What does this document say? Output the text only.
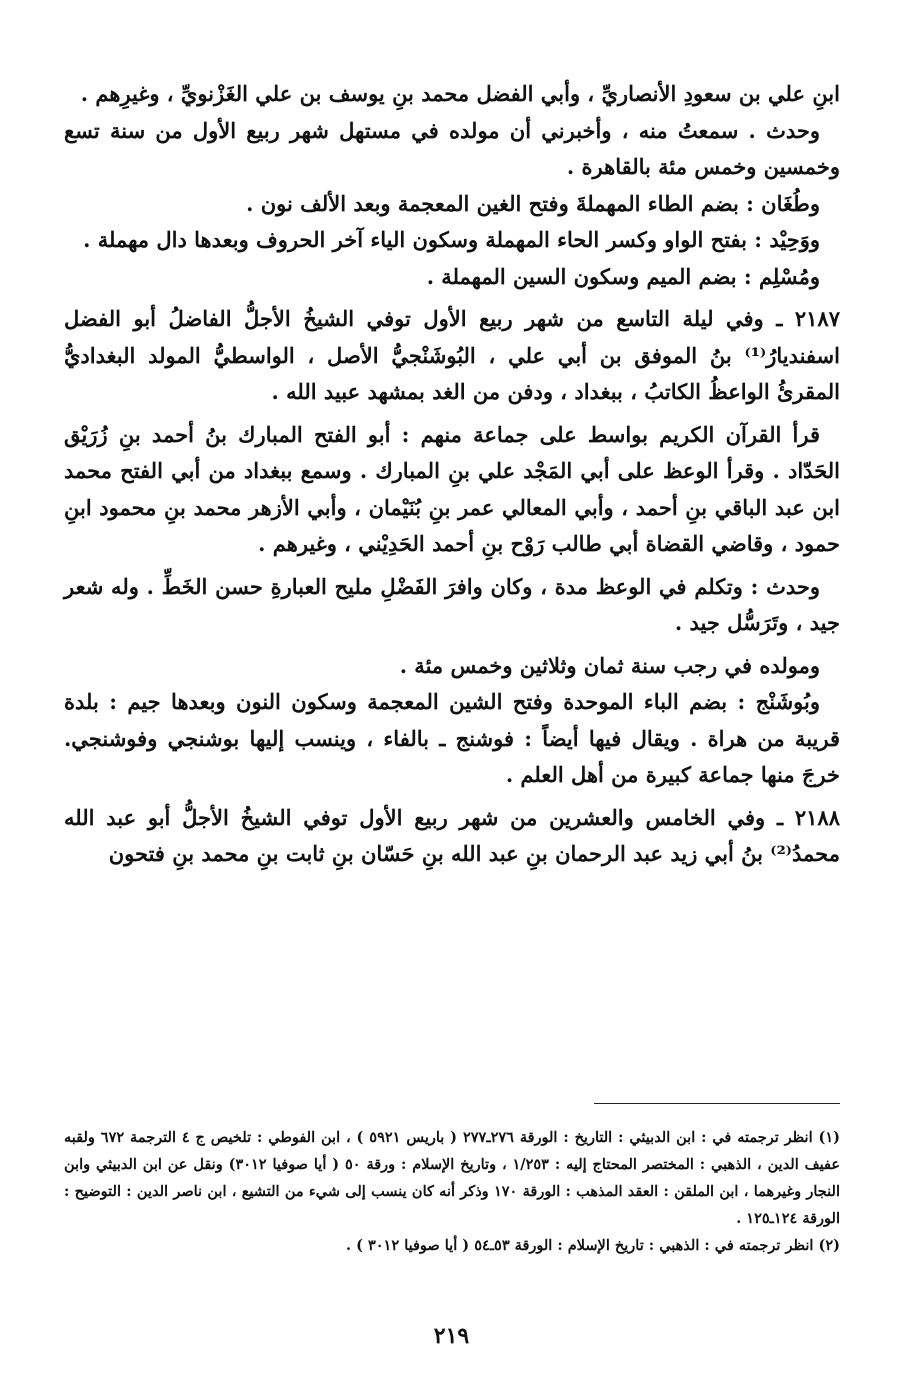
ابنِ علي بن سعودِ الأنصاريِّ ، وأبي الفضل محمد بنِ يوسف بن علي الغَزْنويِّ ، وغيرِهم .

وحدث . سمعتُ منه ، وأخبرني أن مولده في مستهل شهر ربيع الأول من سنة تسع وخمسين وخمس مئة بالقاهرة .

وطُغَان : بضم الطاء المهملةَ وفتح الغين المعجمة وبعد الألف نون .

ووَحِيْد : بفتح الواو وكسر الحاء المهملة وسكون الياء آخر الحروف وبعدها دال مهملة .

ومُسْلِم : بضم الميم وسكون السين المهملة .

٢١٨٧ ـ وفي ليلة التاسع من شهر ربيع الأول توفي الشيخُ الأجلُّ الفاضلُ أبو الفضل اسفنديارُ⁽¹⁾ بنُ الموفق بن أبي علي ، البُوشَنْجيُّ الأصل ، الواسطيُّ المولد البغداديُّ المقرئُ الواعظُ الكاتبُ ، ببغداد ، ودفن من الغد بمشهد عبيد الله .

قرأ القرآن الكريم بواسط على جماعة منهم : أبو الفتح المبارك بنُ أحمد بنِ زُرَيْق الحَدّاد . وقرأ الوعظ على أبي المَجْد علي بنِ المبارك . وسمع ببغداد من أبي الفتح محمد ابن عبد الباقي بنِ أحمد ، وأبي المعالي عمر بنِ بُنَيْمان ، وأبي الأزهر محمد بنِ محمود ابنِ حمود ، وقاضي القضاة أبي طالب رَوْح بنِ أحمد الحَدِيْني ، وغيرهم .

وحدث : وتكلم في الوعظ مدة ، وكان وافرَ الفَضْلِ مليح العبارةِ حسن الخَطِّ . وله شعر جيد ، وتَرَسُّل جيد .

ومولده في رجب سنة ثمان وثلاثين وخمس مئة .

وبُوشَنْج : بضم الباء الموحدة وفتح الشين المعجمة وسكون النون وبعدها جيم : بلدة قريبة من هراة . ويقال فيها أيضاً : فوشنج ـ بالفاء ، وينسب إليها بوشنجي وفوشنجي. خرجَ منها جماعة كبيرة من أهل العلم .

٢١٨٨ ـ وفي الخامس والعشرين من شهر ربيع الأول توفي الشيخُ الأجلُّ أبو عبد الله محمدُ⁽²⁾ بنُ أبي زيد عبد الرحمان بنِ عبد الله بنِ حَسّان بنِ ثابت بنِ محمد بنِ فتحون

(١) انظر ترجمته في : ابن الدبيثي : التاريخ : الورقة ٢٧٦ـ٢٧٧ ( باريس ٥٩٢١ ) ، ابن الفوطي : تلخيص ج ٤ الترجمة ٦٧٢ ولقبه عفيف الدين ، الذهبي : المختصر المحتاج إليه : ١/٢٥٣ ، وتاريخ الإسلام : ورقة ٥٠ ( أيا صوفيا ٣٠١٢) ونقل عن ابن الدبيثي وابن النجار وغيرهما ، ابن الملقن : العقد المذهب : الورقة ١٧٠ وذكر أنه كان ينسب إلى شيء من التشيع ، ابن ناصر الدين : التوضيح : الورقة ١٢٤ـ١٢٥ .

(٢) انظر ترجمته في : الذهبي : تاريخ الإسلام : الورقة ٥٣ـ٥٤ ( أيا صوفيا ٣٠١٢ ) .

٢١٩
